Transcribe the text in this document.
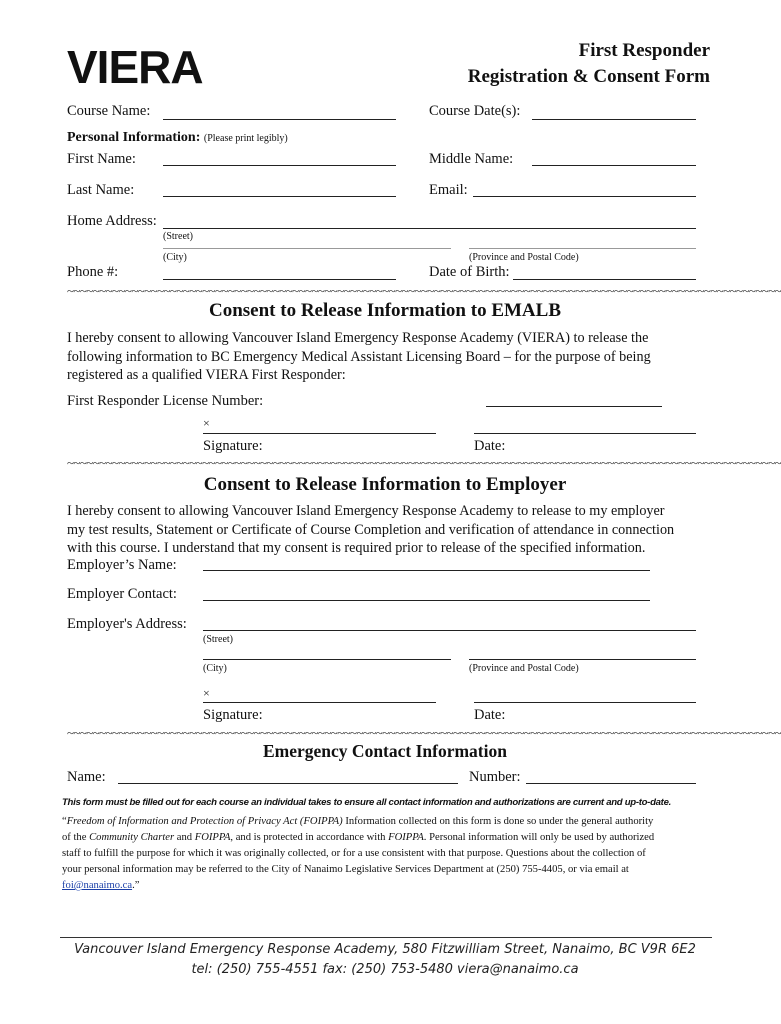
VIERA	First Responder
Registration & Consent Form
Course Name:	Course Date(s):
Personal Information: (Please print legibly)
First Name:	Middle Name:
Last Name:	Email:
Home Address:
(Street)
(City)	(Province and Postal Code)
Phone #:	Date of Birth:
~~~~~~~~~~~~~~~~~~~~~~~~~~~~~~~~~~~~~~~~~~~~~~~~~~~~~~~~~~~~~~~~~~~~~~~~~~~~~~~~~~~~~~~~~~~~~~~~~~~~~~~~~~~~~~~
Consent to Release Information to EMALB
I hereby consent to allowing Vancouver Island Emergency Response Academy (VIERA) to release the
following information to BC Emergency Medical Assistant Licensing Board – for the purpose of being
registered as a qualified VIERA First Responder:
First Responder License Number:
×
Signature:	Date:
~~~~~~~~~~~~~~~~~~~~~~~~~~~~~~~~~~~~~~~~~~~~~~~~~~~~~~~~~~~~~~~~~~~~~~~~~~~~~~~~~~~~~~~~~~~~~~~~~~~~~~~~~~~~~~~
Consent to Release Information to Employer
I hereby consent to allowing Vancouver Island Emergency Response Academy to release to my employer
my test results, Statement or Certificate of Course Completion and verification of attendance in connection
with this course. I understand that my consent is required prior to release of the specified information.
Employer’s Name:
Employer Contact:
Employer's Address:
(Street)
(City)	(Province and Postal Code)
×
Signature:	Date:
~~~~~~~~~~~~~~~~~~~~~~~~~~~~~~~~~~~~~~~~~~~~~~~~~~~~~~~~~~~~~~~~~~~~~~~~~~~~~~~~~~~~~~~~~~~~~~~~~~~~~~~~~~~~~~~
Emergency Contact Information
Name:	Number:
This form must be filled out for each course an individual takes to ensure all contact information and authorizations are current and up-to-date.
“Freedom of Information and Protection of Privacy Act (FOIPPA) Information collected on this form is done so under the general authority
of the Community Charter and FOIPPA, and is protected in accordance with FOIPPA. Personal information will only be used by authorized
staff to fulfill the purpose for which it was originally collected, or for a use consistent with that purpose. Questions about the collection of
your personal information may be referred to the City of Nanaimo Legislative Services Department at (250) 755-4405, or via email at
foi@nanaimo.ca.”
Vancouver Island Emergency Response Academy, 580 Fitzwilliam Street, Nanaimo, BC V9R 6E2
tel: (250) 755-4551 fax: (250) 753-5480 viera@nanaimo.ca
